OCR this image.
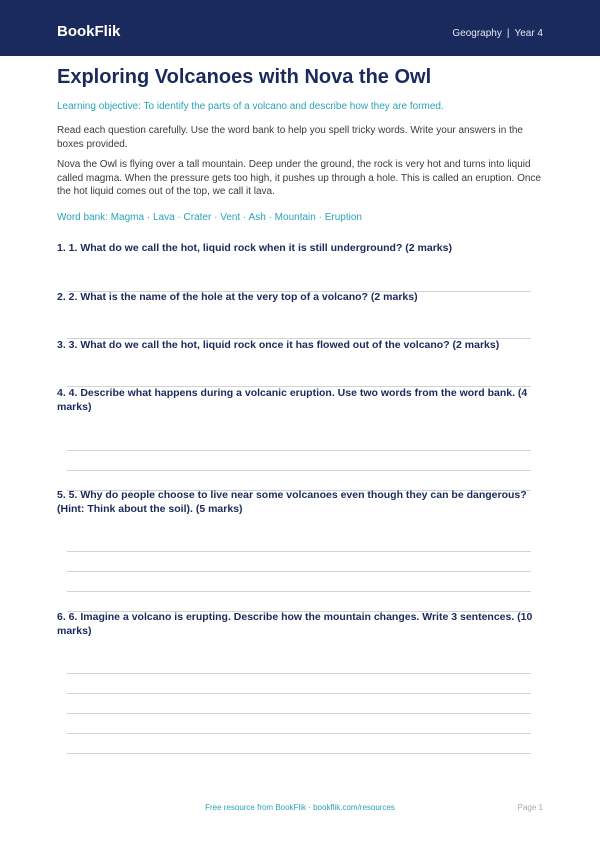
BookFlik	Geography | Year 4
Exploring Volcanoes with Nova the Owl
Learning objective: To identify the parts of a volcano and describe how they are formed.
Read each question carefully. Use the word bank to help you spell tricky words. Write your answers in the boxes provided.
Nova the Owl is flying over a tall mountain. Deep under the ground, the rock is very hot and turns into liquid called magma. When the pressure gets too high, it pushes up through a hole. This is called an eruption. Once the hot liquid comes out of the top, we call it lava.
Word bank: Magma · Lava · Crater · Vent · Ash · Mountain · Eruption
1. 1. What do we call the hot, liquid rock when it is still underground? (2 marks)
2. 2. What is the name of the hole at the very top of a volcano? (2 marks)
3. 3. What do we call the hot, liquid rock once it has flowed out of the volcano? (2 marks)
4. 4. Describe what happens during a volcanic eruption. Use two words from the word bank. (4 marks)
5. 5. Why do people choose to live near some volcanoes even though they can be dangerous? (Hint: Think about the soil). (5 marks)
6. 6. Imagine a volcano is erupting. Describe how the mountain changes. Write 3 sentences. (10 marks)
Free resource from BookFlik · bookflik.com/resources	Page 1
